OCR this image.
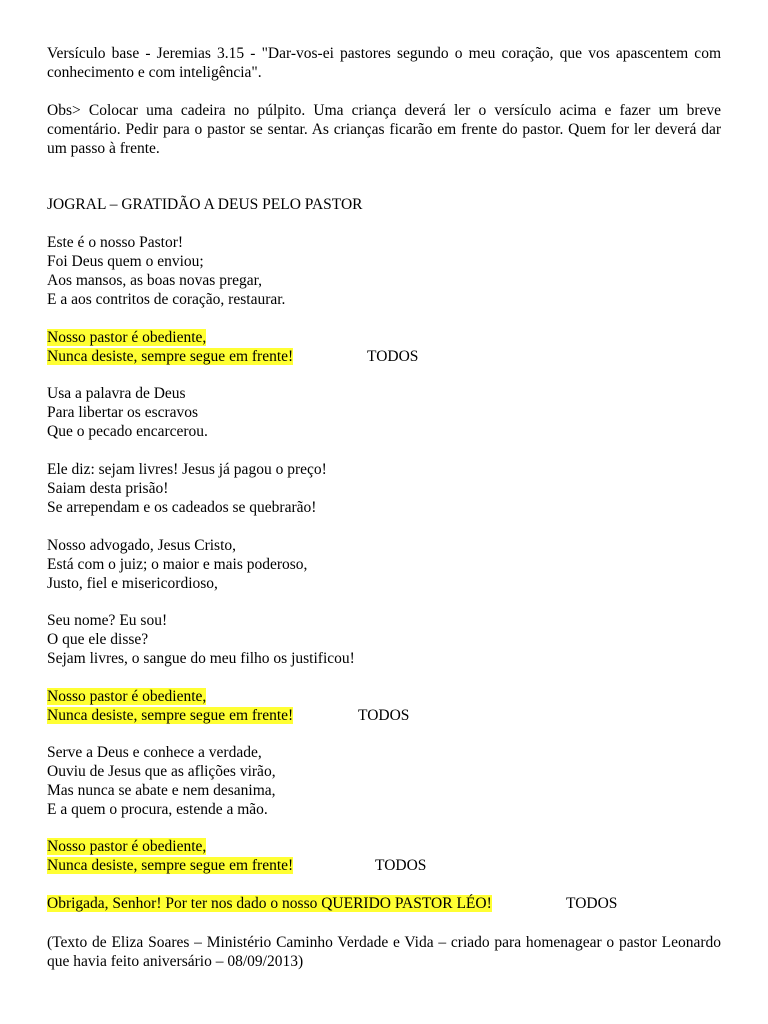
Versículo base - Jeremias 3.15 - "Dar-vos-ei pastores segundo o meu coração, que vos apascentem com conhecimento e com inteligência".

Obs> Colocar uma cadeira no púlpito. Uma criança deverá ler o versículo acima e fazer um breve comentário. Pedir para o pastor se sentar. As crianças ficarão em frente do pastor. Quem for ler deverá dar um passo à frente.

JOGRAL – GRATIDÃO A DEUS PELO PASTOR

Este é o nosso Pastor!
Foi Deus quem o enviou;
Aos mansos, as boas novas pregar,
E a aos contritos de coração, restaurar.
Nosso pastor é obediente,
Nunca desiste, sempre segue em frente!	TODOS
Usa a palavra de Deus
Para libertar os escravos
Que o pecado encarcerou.
Ele diz: sejam livres! Jesus já pagou o preço!
Saiam desta prisão!
Se arrependam e os cadeados se quebrarão!
Nosso advogado, Jesus Cristo,
Está com o juiz; o maior e mais poderoso,
Justo, fiel e misericordioso,
Seu nome? Eu sou!
O que ele disse?
Sejam livres, o sangue do meu filho os justificou!
Nosso pastor é obediente,
Nunca desiste, sempre segue em frente!	TODOS
Serve a Deus e conhece a verdade,
Ouviu de Jesus que as aflições virão,
Mas nunca se abate e nem desanima,
E a quem o procura, estende a mão.
Nosso pastor é obediente,
Nunca desiste, sempre segue em frente!	TODOS
Obrigada, Senhor! Por ter nos dado o nosso QUERIDO PASTOR LÉO!	TODOS

(Texto de Eliza Soares – Ministério Caminho Verdade e Vida – criado para homenagear o pastor Leonardo que havia feito aniversário – 08/09/2013)
